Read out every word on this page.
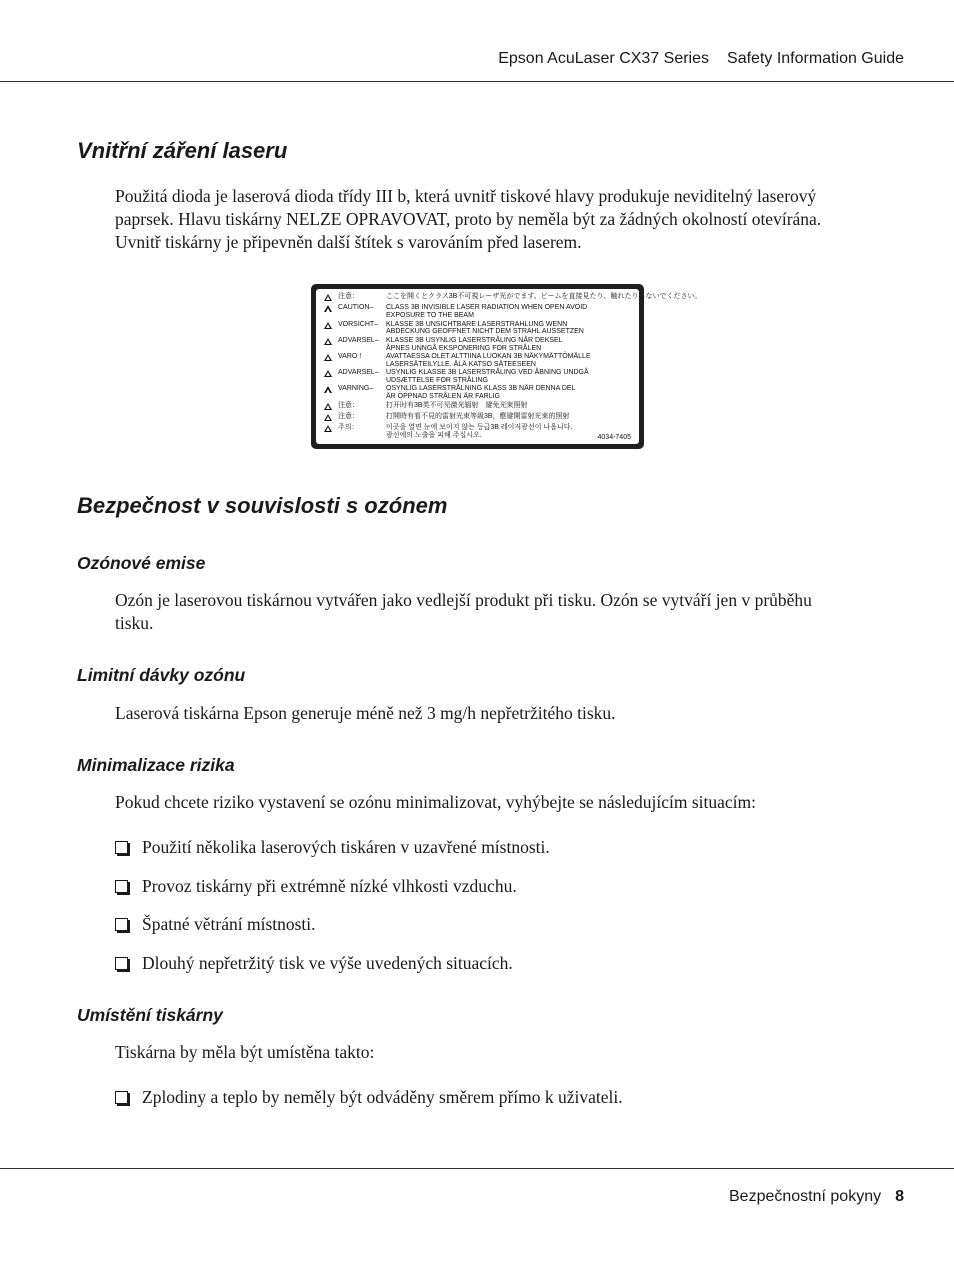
Epson AcuLaser CX37 Series Safety Information Guide
Vnitřní záření laseru
Použitá dioda je laserová dioda třídy III b, která uvnitř tiskové hlavy produkuje neviditelný laserový
paprsek. Hlavu tiskárny NELZE OPRAVOVAT, proto by neměla být za žádných okolností otevírána.
Uvnitř tiskárny je připevněn další štítek s varováním před laserem.
注意：	ここを開くとクラス3B不可視レーザ光がでます。ビームを直接見たり、触れたりしないでください。
CAUTION–	CLASS 3B INVISIBLE LASER RADIATION WHEN OPEN AVOID
EXPOSURE TO THE BEAM
VORSICHT–	KLASSE 3B UNSICHTBARE LASERSTRAHLUNG WENN
ABDECKUNG GEOFFNET NICHT DEM STRAHL AUSSETZEN
ADVARSEL–	KLASSE 3B USYNLIG LASERSTRÅLING NÅR DEKSEL
ÅPNES UNNGÅ EKSPONERING FOR STRÅLEN
VARO !	AVATTAESSA OLET ALTTIINA LUOKAN 3B NÄKYMÄTTÖMÄLLE
LASERSÄTEILYLLE. ÄLÄ KATSO SÄTEESEEN
ADVARSEL–	USYNLIG KLASSE 3B LASERSTRÅLING VED ÅBNING UNDGÅ
UDSÆTTELSE FOR STRÅLING
VARNING–	OSYNLIG LASERSTRÅLNING KLASS 3B NÄR DENNA DEL
ÄR ÖPPNAD STRÅLEN ÄR FARLIG
注意：	打开时有3B类不可见激光辐射　避免光束照射
注意：	打開時有看不見的雷射光束等級3B，應避開雷射光束的照射
주의：	이곳을 열면 눈에 보이지 않는 등급3B 레이저광선이 나옵니다.
광선에의 노출을 피해 주십시오.	4034-7405
Bezpečnost v souvislosti s ozónem
Ozónové emise
Ozón je laserovou tiskárnou vytvářen jako vedlejší produkt při tisku. Ozón se vytváří jen v průběhu
tisku.
Limitní dávky ozónu
Laserová tiskárna Epson generuje méně než 3 mg/h nepřetržitého tisku.
Minimalizace rizika
Pokud chcete riziko vystavení se ozónu minimalizovat, vyhýbejte se následujícím situacím:
Použití několika laserových tiskáren v uzavřené místnosti.
Provoz tiskárny při extrémně nízké vlhkosti vzduchu.
Špatné větrání místnosti.
Dlouhý nepřetržitý tisk ve výše uvedených situacích.
Umístění tiskárny
Tiskárna by měla být umístěna takto:
Zplodiny a teplo by neměly být odváděny směrem přímo k uživateli.
Bezpečnostní pokyny 8
